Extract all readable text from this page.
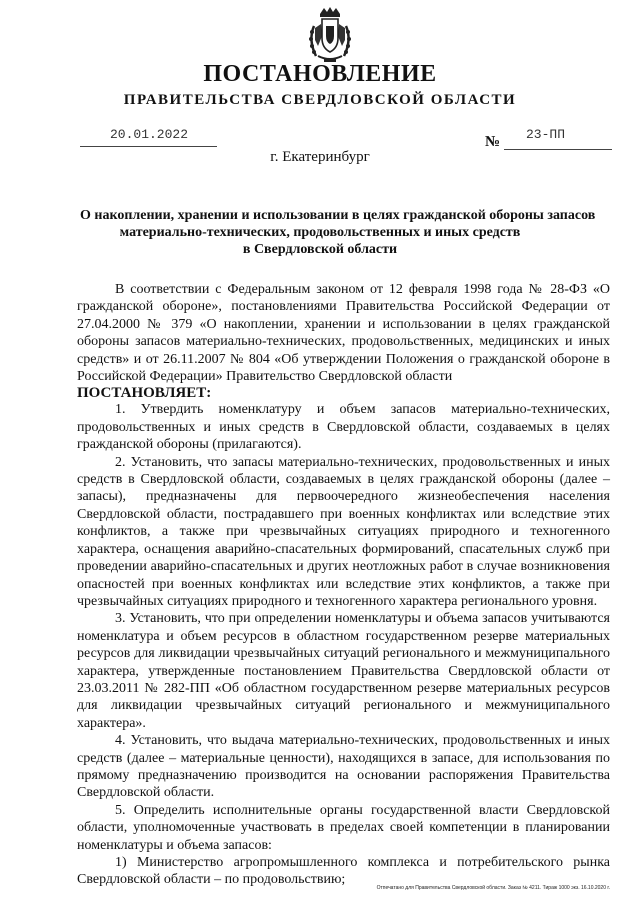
ПОСТАНОВЛЕНИЕ
ПРАВИТЕЛЬСТВА СВЕРДЛОВСКОЙ ОБЛАСТИ
20.01.2022	№ 23-ПП
г. Екатеринбург
О накоплении, хранении и использовании в целях гражданской обороны запасов
материально-технических, продовольственных и иных средств
в Свердловской области

В соответствии с Федеральным законом от 12 февраля 1998 года № 28-ФЗ «О гражданской обороне», постановлениями Правительства Российской Федерации от 27.04.2000 № 379 «О накоплении, хранении и использовании в целях гражданской обороны запасов материально-технических, продовольственных, медицинских и иных средств» и от 26.11.2007 № 804 «Об утверждении Положения о гражданской обороне в Российской Федерации» Правительство Свердловской области

ПОСТАНОВЛЯЕТ:

1. Утвердить номенклатуру и объем запасов материально-технических, продовольственных и иных средств в Свердловской области, создаваемых в целях гражданской обороны (прилагаются).

2. Установить, что запасы материально-технических, продовольственных и иных средств в Свердловской области, создаваемых в целях гражданской обороны (далее – запасы), предназначены для первоочередного жизнеобеспечения населения Свердловской области, пострадавшего при военных конфликтах или вследствие этих конфликтов, а также при чрезвычайных ситуациях природного и техногенного характера, оснащения аварийно-спасательных формирований, спасательных служб при проведении аварийно-спасательных и других неотложных работ в случае возникновения опасностей при военных конфликтах или вследствие этих конфликтов, а также при чрезвычайных ситуациях природного и техногенного характера регионального уровня.

3. Установить, что при определении номенклатуры и объема запасов учитываются номенклатура и объем ресурсов в областном государственном резерве материальных ресурсов для ликвидации чрезвычайных ситуаций регионального и межмуниципального характера, утвержденные постановлением Правительства Свердловской области от 23.03.2011 № 282-ПП «Об областном государственном резерве материальных ресурсов для ликвидации чрезвычайных ситуаций регионального и межмуниципального характера».

4. Установить, что выдача материально-технических, продовольственных и иных средств (далее – материальные ценности), находящихся в запасе, для использования по прямому предназначению производится на основании распоряжения Правительства Свердловской области.

5. Определить исполнительные органы государственной власти Свердловской области, уполномоченные участвовать в пределах своей компетенции в планировании номенклатуры и объема запасов:

1) Министерство агропромышленного комплекса и потребительского рынка Свердловской области – по продовольствию;

Отпечатано для Правительства Свердловской области. Заказ № 4211. Тираж 1000 экз. 16.10.2020 г.
